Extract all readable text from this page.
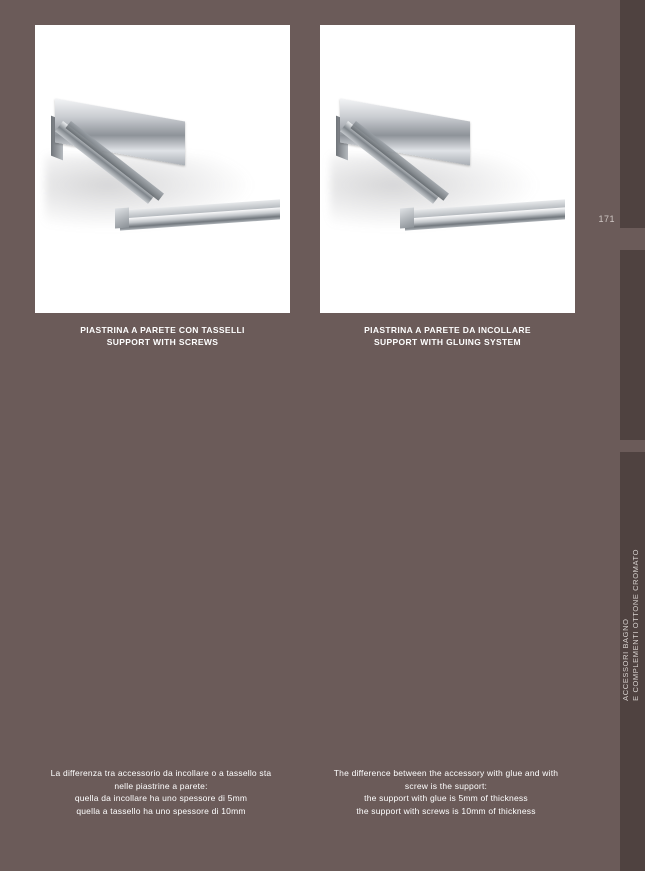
171
ACCESSORI BAGNO E COMPLEMENTI OTTONE CROMATO
PIASTRINA A PARETE CON TASSELLI
SUPPORT WITH SCREWS
PIASTRINA A PARETE DA INCOLLARE
SUPPORT WITH GLUING SYSTEM
La differenza tra accessorio da incollare o a tassello sta
nelle piastrine a parete:
quella da incollare ha uno spessore di 5mm
quella a tassello ha uno spessore di 10mm
The difference between the accessory with glue and with
screw is the support:
the support with glue is 5mm of thickness
the support with screws is 10mm of thickness
